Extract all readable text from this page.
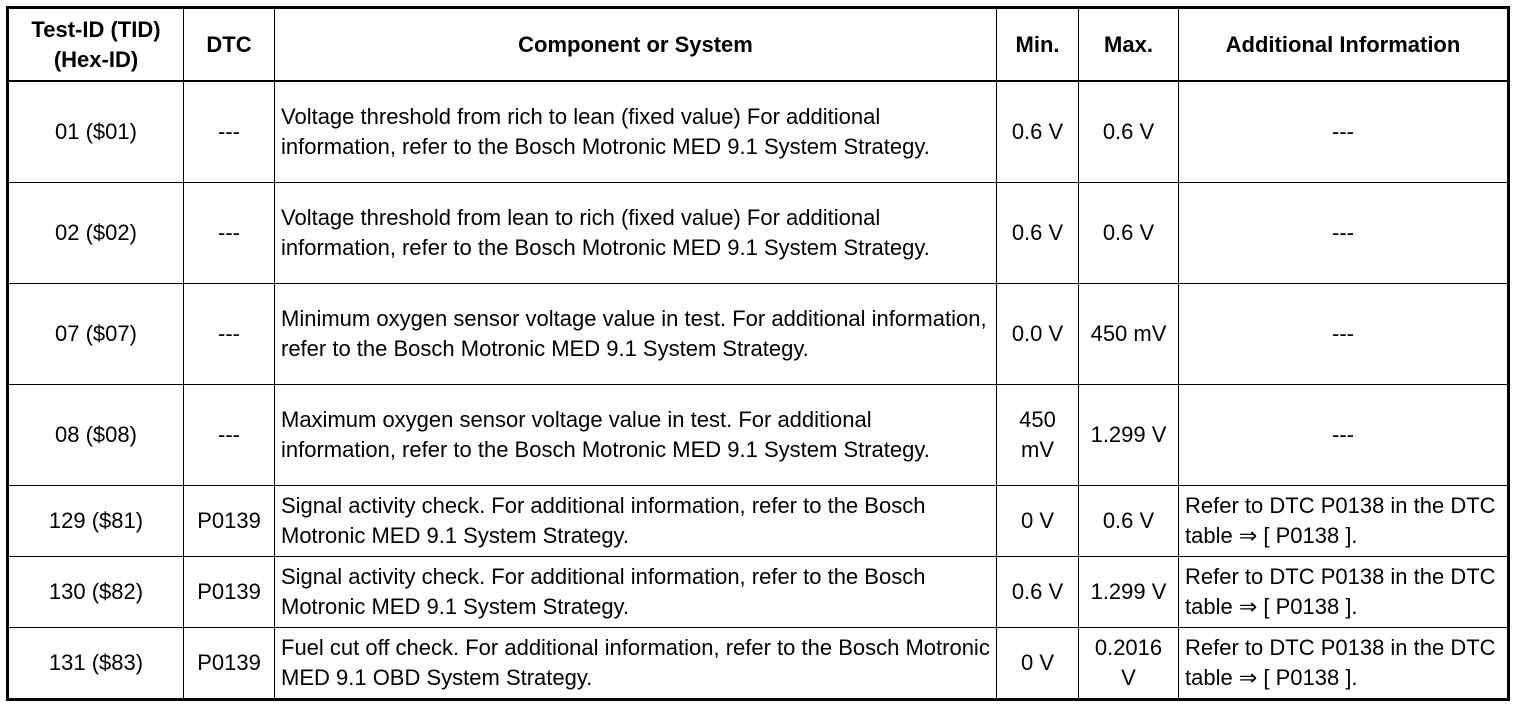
Test-ID (TID)
(Hex-ID)	DTC	Component or System	Min.	Max.	Additional Information
01 ($01)	---	Voltage threshold from rich to lean (fixed value) For additional information, refer to the Bosch Motronic MED 9.1 System Strategy.	0.6 V	0.6 V	---
02 ($02)	---	Voltage threshold from lean to rich (fixed value) For additional information, refer to the Bosch Motronic MED 9.1 System Strategy.	0.6 V	0.6 V	---
07 ($07)	---	Minimum oxygen sensor voltage value in test. For additional information, refer to the Bosch Motronic MED 9.1 System Strategy.	0.0 V	450 mV	---
08 ($08)	---	Maximum oxygen sensor voltage value in test. For additional information, refer to the Bosch Motronic MED 9.1 System Strategy.	450 mV	1.299 V	---
129 ($81)	P0139	Signal activity check. For additional information, refer to the Bosch Motronic MED 9.1 System Strategy.	0 V	0.6 V	Refer to DTC P0138 in the DTC table ⇒ [ P0138 ].
130 ($82)	P0139	Signal activity check. For additional information, refer to the Bosch Motronic MED 9.1 System Strategy.	0.6 V	1.299 V	Refer to DTC P0138 in the DTC table ⇒ [ P0138 ].
131 ($83)	P0139	Fuel cut off check. For additional information, refer to the Bosch Motronic MED 9.1 OBD System Strategy.	0 V	0.2016 V	Refer to DTC P0138 in the DTC table ⇒ [ P0138 ].
